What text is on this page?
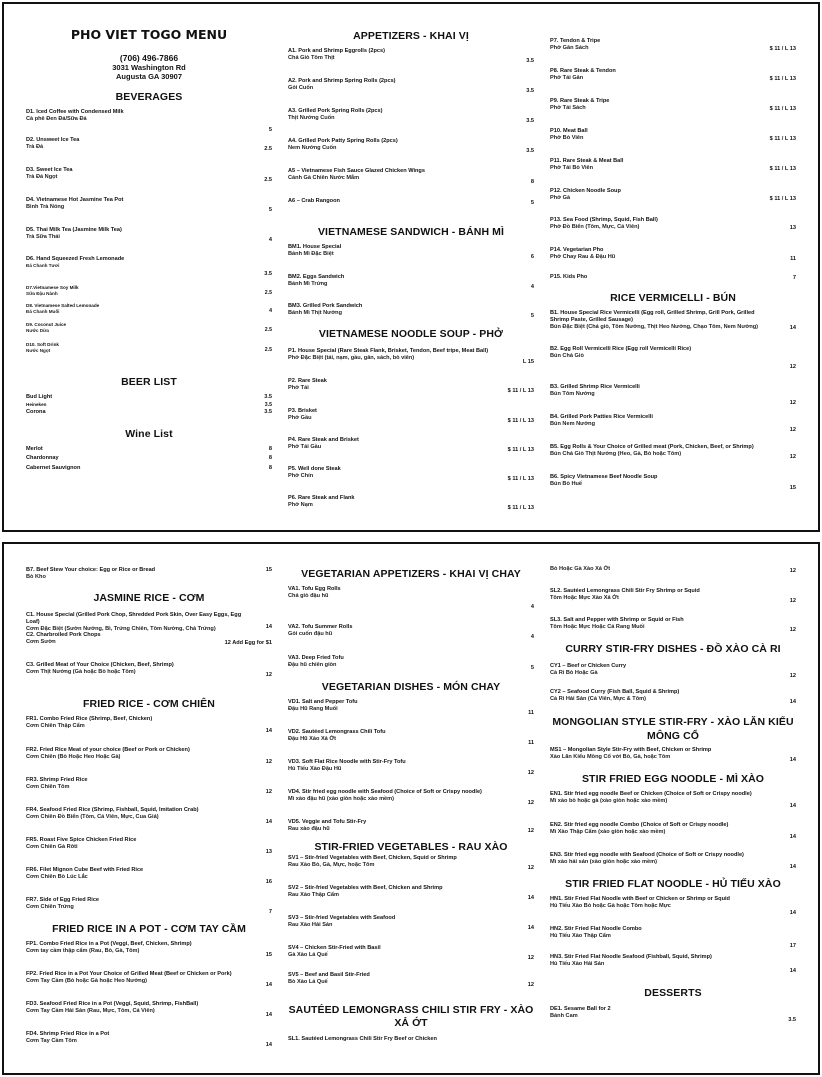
PHO VIET TOGO MENU
(706) 496-7866
3031 Washington Rd
Augusta GA 30907
BEVERAGES
D1. Iced Coffee with Condensed Milk
Cà phê Đen Đá/Sữa Đá
5
D2. Unsweet Ice Tea
Trà Đá	2.5
D3. Sweet Ice Tea
Trà Đá Ngọt	2.5
D4. Vietnamese Hot Jasmine Tea Pot
Bình Trà Nóng	5
D5. Thai Milk Tea (Jasmine Milk Tea)
Trà Sữa Thái	4
D6. Hand Squeezed Fresh Lemonade
Đá Chanh Tươi
3.5
D7.Vietnamese Soy Milk
Sữa Đậu Nành	2.5
D8. Vietnamese Salted Lemonade
Đá Chanh Muối	4
D9. Coconut Juice
Nước Dừa	2.5
D10. Soft Drink
Nước Ngọt	2.5
BEER LIST
Bud Light	3.5
Heineken	3.5
Corona	3.5
Wine List
Merlot	8
Chardonnay	8
Cabernet Sauvignon	8
APPETIZERS - KHAI VỊ
A1. Pork and Shrimp Eggrolls (2pcs)
Chả Giò Tôm Thịt	3.5
A2. Pork and Shrimp Spring Rolls (2pcs)
Gỏi Cuốn	3.5
A3. Grilled Pork Spring Rolls (2pcs)
Thịt Nướng Cuốn	3.5
A4. Grilled Pork Patty Spring Rolls (2pcs)
Nem Nướng Cuốn	3.5
A5 – Vietnamese Fish Sauce Glazed Chicken Wings
Cánh Gà Chiên Nước Mắm
8
A6 – Crab Rangoon	5
VIETNAMESE SANDWICH - BÁNH MÌ
BM1. House Special
Bánh Mì Đặc Biệt	6
BM2. Eggs Sandwich
Bánh Mì Trứng	4
BM3. Grilled Pork Sandwich
Bánh Mì Thịt Nướng	5
VIETNAMESE NOODLE SOUP - PHỞ
P1. House Special (Rare Steak Flank, Brisket, Tendon, Beef tripe, Meat Ball)
Phở Đặc Biệt (tái, nạm, gầu, gân, sách, bò viên)
L 15
P2. Rare Steak
Phở Tái	$ 11 / L 13
P3. Brisket
Phở Gầu	$ 11 / L 13
P4. Rare Steak and Brisket
Phở Tái Gầu	$ 11 / L 13
P5. Well done Steak
Phở Chín	$ 11 / L 13
P6. Rare Steak and Flank
Phở Nạm	$ 11 / L 13
P7. Tendon & Tripe
Phở Gân Sách	$ 11 / L 13
P8. Rare Steak & Tendon
Phở Tái Gân	$ 11 / L 13
P9. Rare Steak & Tripe
Phở Tái Sách	$ 11 / L 13
P10. Meat Ball
Phở Bò Viên	$ 11 / L 13
P11. Rare Steak & Meat Ball
Phở Tái Bò Viên	$ 11 / L 13
P12. Chicken Noodle Soup
Phở Gà	$ 11 / L 13
P13. Sea Food (Shrimp, Squid, Fish Ball)
Phở Đồ Biển (Tôm, Mực, Cá Viên)	13
P14. Vegetarian Pho
Phở Chay Rau & Đậu Hũ	11
P15. Kids Pho	7
RICE VERMICELLI - BÚN
B1. House Special Rice Vermicelli (Egg roll, Grilled Shrimp, Grill Pork, Grilled Shrimp Paste, Grilled Sausage)
Bún Đặc Biệt (Chả giò, Tôm Nướng, Thịt Heo Nướng, Chạo Tôm, Nem Nướng)	14
B2. Egg Roll Vermicelli Rice (Egg roll Vermicelli Rice)
Bún Chả Giò
12
B3. Grilled Shrimp Rice Vermicelli
Bún Tôm Nướng
12
B4. Grilled Pork Patties Rice Vermicelli
Bún Nem Nướng
12
B5. Egg Rolls & Your Choice of Grilled meat (Pork, Chicken, Beef, or Shrimp)
Bún Chả Giò Thịt Nướng (Heo, Gà, Bò hoặc Tôm)	12
B6. Spicy Vietnamese Beef Noodle Soup
Bún Bò Huế
15
B7. Beef Stew Your choice: Egg or Rice or Bread
Bò Kho
15
JASMINE RICE - CƠM
C1. House Special (Grilled Pork Chop, Shredded Pork Skin, Over Easy Eggs, Egg Loaf)
Cơm Đặc Biệt (Sườn Nướng, Bì, Trứng Chiên, Tôm Nướng, Chả Trứng)	14
C2. Charbroiled Pork Chops
Cơm Sườn	12 Add Egg for $1
C3. Grilled Meat of Your Choice (Chicken, Beef, Shrimp)
Cơm Thịt Nướng (Gà hoặc Bò hoặc Tôm)	12
FRIED RICE - CƠM CHIÊN
FR1. Combo Fried Rice (Shrimp, Beef, Chicken)
Cơm Chiên Thập Cẩm
14
FR2. Fried Rice Meat of your choice (Beef or Pork or Chicken)
Cơm Chiên (Bò Hoặc Heo Hoặc Gà)
12
FR3. Shrimp Fried Rice
Cơm Chiên Tôm
12
FR4. Seafood Fried Rice (Shrimp, Fishball, Squid, Imitation Crab)
Cơm Chiên Đồ Biển (Tôm, Cá Viên, Mực, Cua Giả)
14
FR5. Roast Five Spice Chicken Fried Rice
Cơm Chiên Gà Rôti
13
FR6. Filet Mignon Cube Beef with Fried Rice
Cơm Chiên Bò Lúc Lắc
16
FR7. Side of Egg Fried Rice
Cơm Chiên Trứng
7
FRIED RICE IN A POT - CƠM TAY CẦM
FP1. Combo Fried Rice in a Pot (Veggi, Beef, Chicken, Shrimp)
Cơm tay cầm thập cẩm (Rau, Bò, Gà, Tôm)
15
FP2. Fried Rice in a Pot Your Choice of Grilled Meat (Beef or Chicken or Pork)
Cơm Tay Cầm (Bò hoặc Gà hoặc Heo Nướng)
14
FD3. Seafood Fried Rice in a Pot (Veggi, Squid, Shrimp, FishBall)
Cơm Tay Cầm Hải Sản (Rau, Mực, Tôm, Cá Viên)
14
FD4. Shrimp Fried Rice in a Pot
Cơm Tay Cầm Tôm
14
VEGETARIAN APPETIZERS - KHAI VỊ CHAY
VA1. Tofu Egg Rolls
Chả giò đậu hũ
4
VA2. Tofu Summer Rolls
Gỏi cuốn đậu hũ	4
VA3. Deep Fried Tofu
Đậu hũ chiên giòn	5
VEGETARIAN DISHES - MÓN CHAY
VD1. Salt and Pepper Tofu
Đậu Hũ Rang Muối
11
VD2. Sautéed Lemongrass Chili Tofu
Đậu Hũ Xào Xả Ớt
11
VD3. Soft Flat Rice Noodle with Stir-Fry Tofu
Hủ Tiếu Xào Đậu Hũ
12
VD4. Stir fried egg noodle with Seafood (Choice of Soft or Crispy noodle)
Mì xào đậu hũ (xào giòn hoặc xào mềm)
12
VD5. Veggie and Tofu Stir-Fry
Rau xào đậu hũ	12
STIR-FRIED VEGETABLES - RAU XÀO
SV1 – Stir-fried Vegetables with Beef, Chicken, Squid or Shrimp
Rau Xào Bò, Gà, Mực, hoặc Tôm	12
SV2 – Stir-fried Vegetables with Beef, Chicken and Shrimp
Rau Xào Thập Cẩm	14
SV3 – Stir-fried Vegetables with Seafood
Rau Xào Hải Sản	14
SV4 – Chicken Stir-Fried with Basil
Gà Xào Lá Quế	12
SV5 – Beef and Basil Stir-Fried
Bò Xào Lá Quế	12
SAUTÉED LEMONGRASS CHILI STIR FRY - XÀO XẢ ỚT
SL1. Sautéed Lemongrass Chili Stir Fry Beef or Chicken
Bò Hoặc Gà Xào Xả Ớt	12
SL2. Sautéed Lemongrass Chili Stir Fry Shrimp or Squid
Tôm Hoặc Mực Xào Xả Ớt	12
SL3. Salt and Pepper with Shrimp or Squid or Fish
Tôm Hoặc Mực Hoặc Cá Rang Muối	12
CURRY STIR-FRY DISHES - ĐỒ XÀO CÀ RI
CY1 – Beef or Chicken Curry
Cà Ri Bò Hoặc Gà	12
CY2 – Seafood Curry (Fish Ball, Squid & Shrimp)
Cà Ri Hải Sản (Cá Viên, Mực & Tôm)	14
MONGOLIAN STYLE STIR-FRY - XÀO LĂN KIỂU MÔNG CỔ
MS1 – Mongolian Style Stir-Fry with Beef, Chicken or Shrimp
Xào Lăn Kiểu Mông Cổ với Bò, Gà, hoặc Tôm	14
STIR FRIED EGG NOODLE - MÌ XÀO
EN1. Stir fried egg noodle Beef or Chicken (Choice of Soft or Crispy noodle)
Mì xào bò hoặc gà (xào giòn hoặc xào mềm)
14
EN2. Stir fried egg noodle Combo (Choice of Soft or Crispy noodle)
Mì Xào Thập Cẩm (xào giòn hoặc xào mềm)
14
EN3. Stir fried egg noodle with Seafood (Choice of Soft or Crispy noodle)
Mì xào hải sản (xào giòn hoặc xào mềm)
14
STIR FRIED FLAT NOODLE - HỦ TIẾU XÀO
HN1. Stir Fried Flat Noodle with Beef or Chicken or Shrimp or Squid
Hủ Tiếu Xào Bò hoặc Gà hoặc Tôm hoặc Mực
14
HN2. Stir Fried Flat Noodle Combo
Hủ Tiếu Xào Thập Cẩm
17
HN3. Stir Fried Flat Noodle Seafood (Fishball, Squid, Shrimp)
Hủ Tiếu Xào Hải Sản
14
DESSERTS
DE1. Sesame Ball for 2
Bánh Cam
3.5
